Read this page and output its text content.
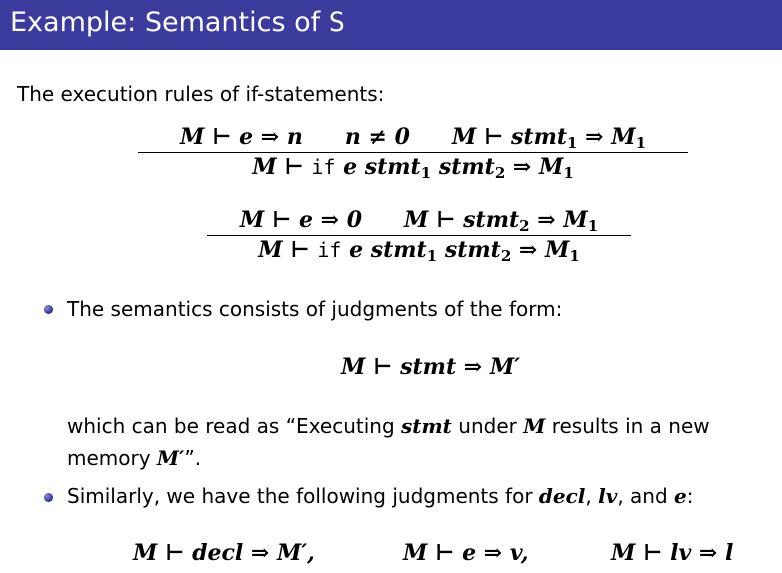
Example: Semantics of S
The execution rules of if-statements:
M ⊢ e ⇒ n n ≠ 0 M ⊢ stmt$_1$ ⇒ $M_1$
M ⊢ if e stmt$_1$ stmt$_2$ ⇒ $M_1$
M ⊢ e ⇒ 0 M ⊢ stmt$_2$ ⇒ $M_1$
M ⊢ if e stmt$_1$ stmt$_2$ ⇒ $M_1$
The semantics consists of judgments of the form:
M ⊢ stmt ⇒ M′
which can be read as “Executing stmt under M results in a new
memory M′”.
Similarly, we have the following judgments for decl, lv, and e:
M ⊢ decl ⇒ M′,	M ⊢ e ⇒ v,	M ⊢ lv ⇒ l
